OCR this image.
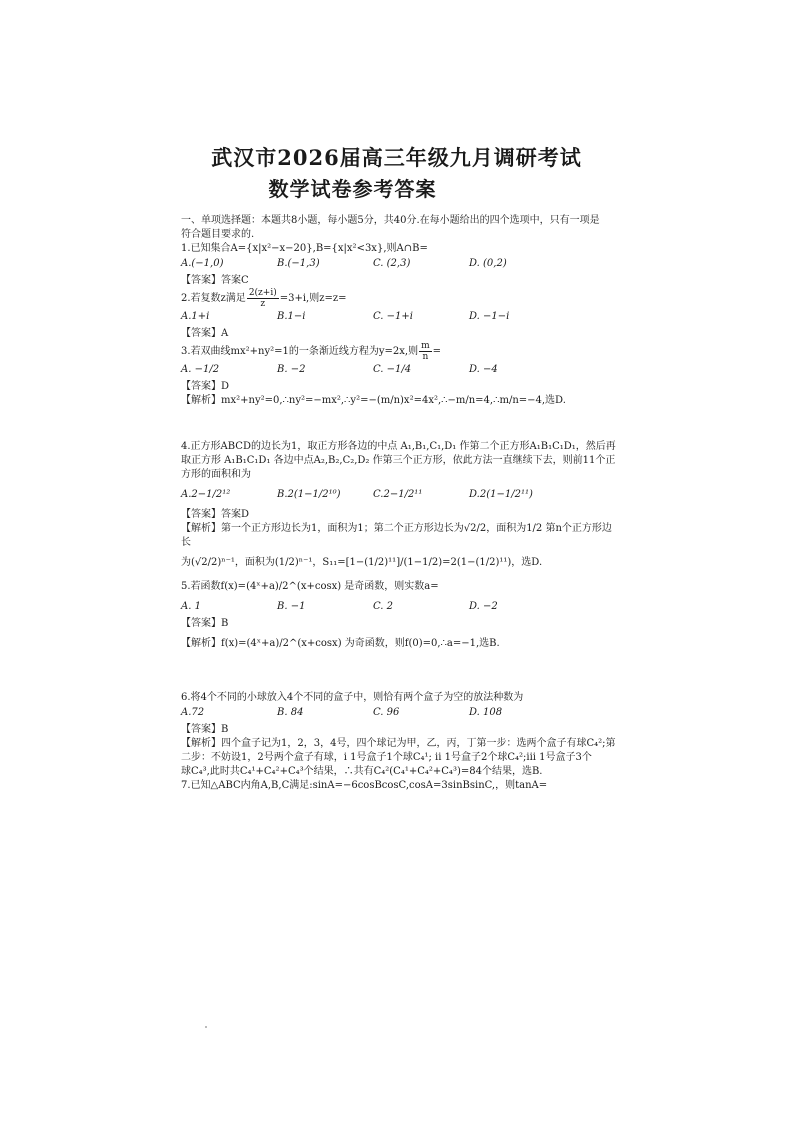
武汉市2026届高三年级九月调研考试
数学试卷参考答案

一、单项选择题：本题共8小题，每小题5分，共40分.在每小题给出的四个选项中，只有一项是

符合题目要求的.

1.已知集合A={x|x²−x−20},B={x|x²<3x},则A∩B=

A.(−1,0)	B.(−1,3)	C. (2,3)	D. (0,2)

【答案】答案C

2.若复数z满足 $\frac{2(z+i)}{z} =3+i$,则z=z=

A.1+i	B.1−i	C. −1+i	D. −1−i

【答案】A

3.若双曲线mx²+ny²=1的一条渐近线方程为y=2x,则 $\frac{m}{n}$ =

A. −1/2	B. −2	C. −1/4	D. −4

【答案】D

【解析】mx²+ny²=0,∴ny²=−mx²,∴y²=−(m/n)x²=4x²,∴−m/n=4,∴m/n=−4,选D.

4.正方形ABCD的边长为1，取正方形各边的中点 A₁,B₁,C₁,D₁ 作第二个正方形A₁B₁C₁D₁，然后再

取正方形 A₁B₁C₁D₁ 各边中点A₂,B₂,C₂,D₂ 作第三个正方形，依此方法一直继续下去，则前11个正

方形的面积和为

A.2−1/2¹²	B.2(1−1/2¹⁰)	C.2−1/2¹¹	D.2(1−1/2¹¹)

【答案】答案D

【解析】第一个正方形边长为1，面积为1；第二个正方形边长为√2/2，面积为1/2 第n个正方形边长

为(√2/2)ⁿ⁻¹，面积为(1/2)ⁿ⁻¹，S₁₁=[1−(1/2)¹¹]/(1−1/2)=2(1−(1/2)¹¹)，选D.

5.若函数f(x)=(4ˣ+a)/2^(x+cosx) 是奇函数，则实数a=

A. 1	B. −1	C. 2	D. −2

【答案】B

【解析】f(x)=(4ˣ+a)/2^(x+cosx) 为奇函数，则f(0)=0,∴a=−1,选B.

6.将4个不同的小球放入4个不同的盒子中，则恰有两个盒子为空的放法种数为

A.72	B. 84	C. 96	D. 108

【答案】B

【解析】四个盒子记为1，2，3，4号，四个球记为甲，乙，丙，丁第一步：选两个盒子有球C₄²;第

二步：不妨设1，2号两个盒子有球，i 1号盒子1个球C₄¹; ii 1号盒子2个球C₄²;iii 1号盒子3个

球C₄³,此时共C₄¹+C₄²+C₄³个结果，∴共有C₄²(C₄¹+C₄²+C₄³)=84个结果，选B.

7.已知△ABC内角A,B,C满足:sinA=−6cosBcosC,cosA=3sinBsinC,，则tanA=
